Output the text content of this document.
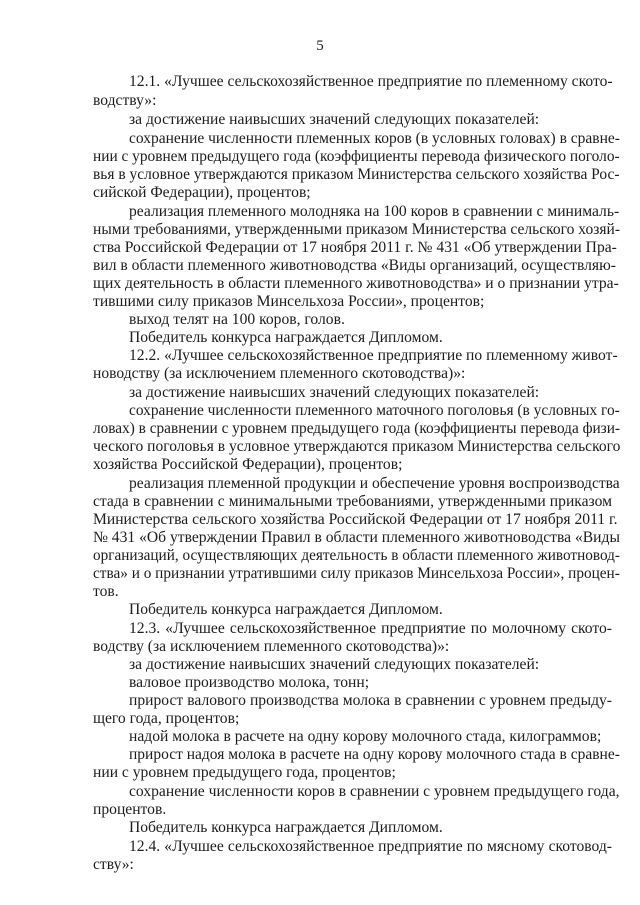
5
12.1. «Лучшее сельскохозяйственное предприятие по племенному ското-
водству»:
за достижение наивысших значений следующих показателей:
сохранение численности племенных коров (в условных головах) в сравне-
нии с уровнем предыдущего года (коэффициенты перевода физического поголо-
вья в условное утверждаются приказом Министерства сельского хозяйства Рос-
сийской Федерации), процентов;
реализация племенного молодняка на 100 коров в сравнении с минималь-
ными требованиями, утвержденными приказом Министерства сельского хозяй-
ства Российской Федерации от 17 ноября 2011 г. № 431 «Об утверждении Пра-
вил в области племенного животноводства «Виды организаций, осуществляю-
щих деятельность в области племенного животноводства» и о признании утра-
тившими силу приказов Минсельхоза России», процентов;
выход телят на 100 коров, голов.
Победитель конкурса награждается Дипломом.
12.2. «Лучшее сельскохозяйственное предприятие по племенному живот-
новодству (за исключением племенного скотоводства)»:
за достижение наивысших значений следующих показателей:
сохранение численности племенного маточного поголовья (в условных го-
ловах) в сравнении с уровнем предыдущего года (коэффициенты перевода физи-
ческого поголовья в условное утверждаются приказом Министерства сельского
хозяйства Российской Федерации), процентов;
реализация племенной продукции и обеспечение уровня воспроизводства
стада в сравнении с минимальными требованиями, утвержденными приказом
Министерства сельского хозяйства Российской Федерации от 17 ноября 2011 г.
№ 431 «Об утверждении Правил в области племенного животноводства «Виды
организаций, осуществляющих деятельность в области племенного животновод-
ства» и о признании утратившими силу приказов Минсельхоза России», процен-
тов.
Победитель конкурса награждается Дипломом.
12.3. «Лучшее сельскохозяйственное предприятие по молочному ското-
водству (за исключением племенного скотоводства)»:
за достижение наивысших значений следующих показателей:
валовое производство молока, тонн;
прирост валового производства молока в сравнении с уровнем предыду-
щего года, процентов;
надой молока в расчете на одну корову молочного стада, килограммов;
прирост надоя молока в расчете на одну корову молочного стада в сравне-
нии с уровнем предыдущего года, процентов;
сохранение численности коров в сравнении с уровнем предыдущего года,
процентов.
Победитель конкурса награждается Дипломом.
12.4. «Лучшее сельскохозяйственное предприятие по мясному скотовод-
ству»:
